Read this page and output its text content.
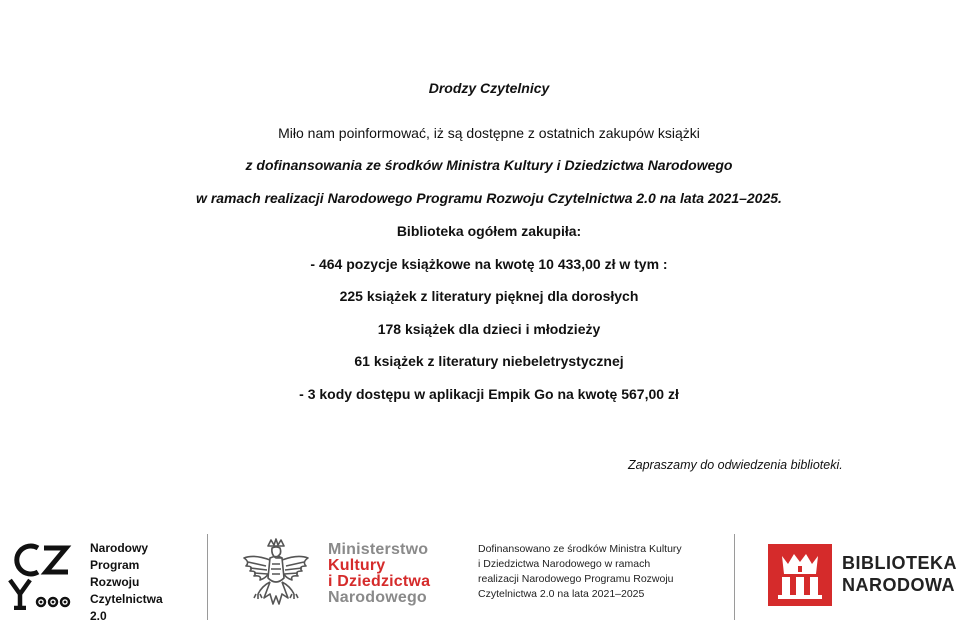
Drodzy Czytelnicy
Miło nam poinformować, iż są dostępne z ostatnich zakupów książki
z dofinansowania ze środków Ministra Kultury i Dziedzictwa Narodowego
w ramach realizacji Narodowego Programu Rozwoju Czytelnictwa 2.0 na lata 2021–2025.
Biblioteka ogółem zakupiła:
- 464 pozycje książkowe na kwotę 10 433,00 zł w tym :
225 książek z literatury pięknej dla dorosłych
178 książek dla dzieci i młodzieży
61 książek z literatury niebeletrystycznej
- 3 kody dostępu w aplikacji Empik Go na kwotę 567,00 zł
Zapraszamy do odwiedzenia biblioteki.
Narodowy
Program
Rozwoju
Czytelnictwa
2.0
Ministerstwo
Kultury
i Dziedzictwa
Narodowego
Dofinansowano ze środków Ministra Kultury
i Dziedzictwa Narodowego w ramach
realizacji Narodowego Programu Rozwoju
Czytelnictwa 2.0 na lata 2021–2025
BIBLIOTEKA
NARODOWA
